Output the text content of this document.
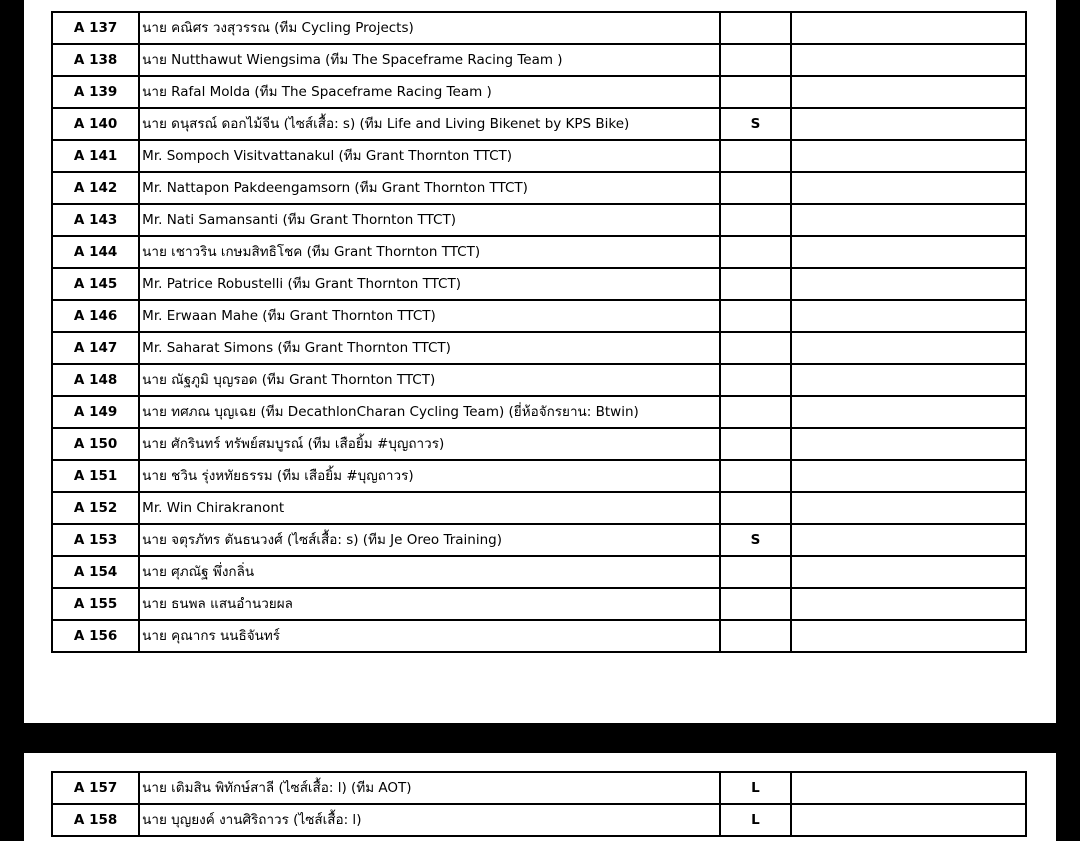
A 137	นาย คณิศร วงสุวรรณ (ทีม Cycling Projects)		
A 138	นาย Nutthawut Wiengsima (ทีม The Spaceframe Racing Team )		
A 139	นาย Rafal Molda (ทีม The Spaceframe Racing Team )		
A 140	นาย ดนุสรณ์ ดอกไม้จีน (ไซส์เสื้อ: s) (ทีม Life and Living Bikenet by KPS Bike)	S	
A 141	Mr. Sompoch Visitvattanakul (ทีม Grant Thornton TTCT)		
A 142	Mr. Nattapon Pakdeengamsorn (ทีม Grant Thornton TTCT)		
A 143	Mr. Nati Samansanti (ทีม Grant Thornton TTCT)		
A 144	นาย เชาวริน เกษมสิทธิโชค (ทีม Grant Thornton TTCT)		
A 145	Mr. Patrice Robustelli (ทีม Grant Thornton TTCT)		
A 146	Mr. Erwaan Mahe (ทีม Grant Thornton TTCT)		
A 147	Mr. Saharat Simons (ทีม Grant Thornton TTCT)		
A 148	นาย ณัฐภูมิ บุญรอด (ทีม Grant Thornton TTCT)		
A 149	นาย ทศภณ บุญเฉย (ทีม DecathlonCharan Cycling Team) (ยี่ห้อจักรยาน: Btwin)		
A 150	นาย ศักรินทร์ ทรัพย์สมบูรณ์ (ทีม เสือยิ้ม #บุญถาวร)		
A 151	นาย ชวิน รุ่งหทัยธรรม (ทีม เสือยิ้ม #บุญถาวร)		
A 152	Mr. Win Chirakranont		
A 153	นาย จตุรภัทร ตันธนวงศ์ (ไซส์เสื้อ: s) (ทีม Je Oreo Training)	S	
A 154	นาย ศุภณัฐ พึ่งกลิ่น		
A 155	นาย ธนพล แสนอำนวยผล		
A 156	นาย คุณากร นนธิจันทร์		
A 157	นาย เติมสิน พิทักษ์สาลี (ไซส์เสื้อ: l) (ทีม AOT)	L	
A 158	นาย บุญยงค์ งานศิริถาวร (ไซส์เสื้อ: l)	L	
